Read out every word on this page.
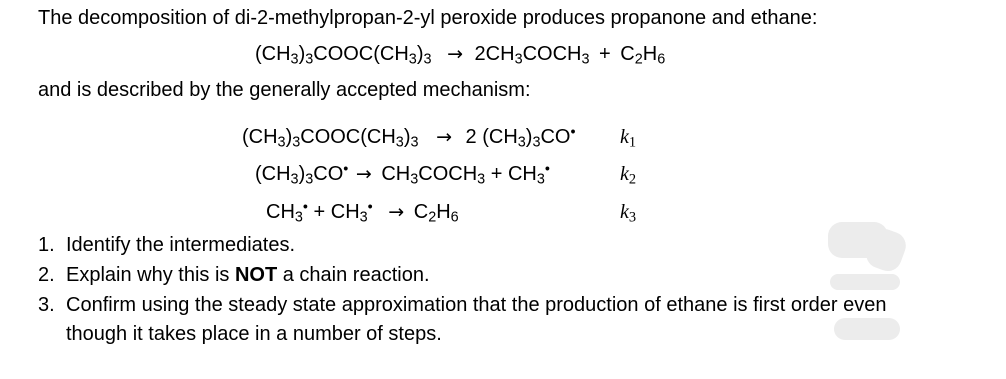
The decomposition of di-2-methylpropan-2-yl peroxide produces propanone and ethane:
$(CH_3)_3COOC(CH_3)_3$ → $2CH_3COCH_3 + C_2H_6$
and is described by the generally accepted mechanism:
$(CH_3)_3COOC(CH_3)_3 \to 2$ $(CH_3)_3CO^•$ $k_1$
$(CH_3)_3CO^•$ → $CH_3COCH_3 + CH_3^•$	$k_2$
$CH_3^• + CH_3^• \to C_2H_6$	$k_3$
1. Identify the intermediates.
2. Explain why this is NOT a chain reaction.
3. Confirm using the steady state approximation that the production of ethane is first order even
though it takes place in a number of steps.
